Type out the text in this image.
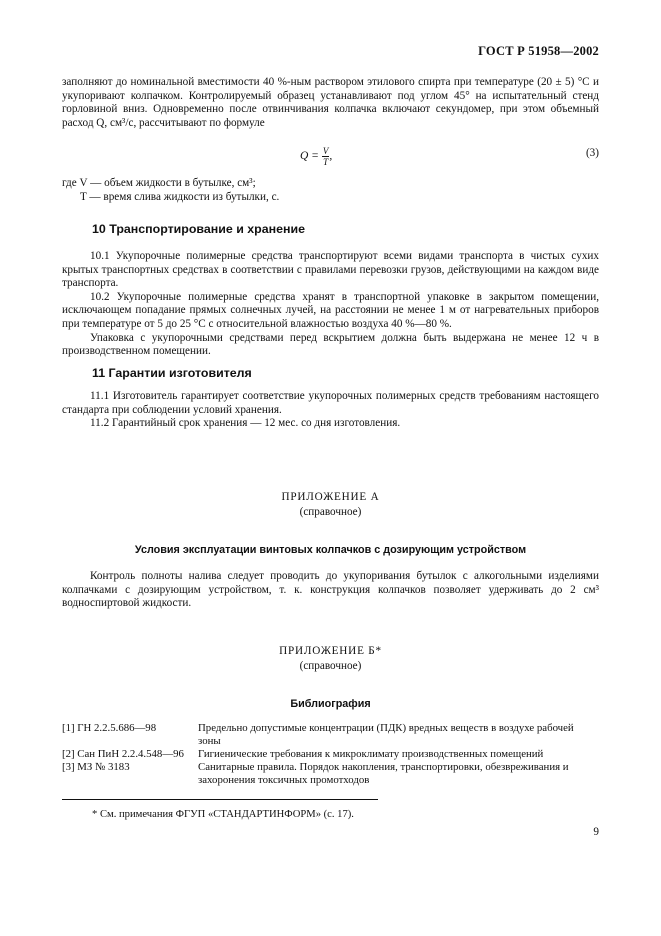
ГОСТ Р 51958—2002

заполняют до номинальной вместимости 40 %-ным раствором этилового спирта при температуре (20 ± 5) °С и укупоривают колпачком. Контролируемый образец устанавливают под углом 45° на испытательный стенд горловиной вниз. Одновременно после отвинчивания колпачка включают секундомер, при этом объемный расход Q, см³/с, рассчитывают по формуле

$Q = \frac{V}{T}$ ,	(3)

где V — объем жидкости в бутылке, см³;

T — время слива жидкости из бутылки, с.

10 Транспортирование и хранение

10.1 Укупорочные полимерные средства транспортируют всеми видами транспорта в чистых сухих крытых транспортных средствах в соответствии с правилами перевозки грузов, действующими на каждом виде транспорта.

10.2 Укупорочные полимерные средства хранят в транспортной упаковке в закрытом помещении, исключающем попадание прямых солнечных лучей, на расстоянии не менее 1 м от нагревательных приборов при температуре от 5 до 25 °С с относительной влажностью воздуха 40 %—80 %.

Упаковка с укупорочными средствами перед вскрытием должна быть выдержана не менее 12 ч в производственном помещении.

11 Гарантии изготовителя

11.1 Изготовитель гарантирует соответствие укупорочных полимерных средств требованиям настоящего стандарта при соблюдении условий хранения.

11.2 Гарантийный срок хранения — 12 мес. со дня изготовления.

ПРИЛОЖЕНИЕ А
(справочное)
Условия эксплуатации винтовых колпачков с дозирующим устройством

Контроль полноты налива следует проводить до укупоривания бутылок с алкогольными изделиями колпачками с дозирующим устройством, т. к. конструкция колпачков позволяет удерживать до 2 см³ водноспиртовой жидкости.

ПРИЛОЖЕНИЕ Б*
(справочное)
Библиография
[1] ГН 2.2.5.686—98	Предельно допустимые концентрации (ПДК) вредных веществ в воздухе рабочей зоны
[2] Сан ПиН 2.2.4.548—96	Гигиенические требования к микроклимату производственных помещений
[3] МЗ № 3183	Санитарные правила. Порядок накопления, транспортировки, обезвреживания и захоронения токсичных промотходов
* См. примечания ФГУП «СТАНДАРТИНФОРМ» (с. 17).
9
